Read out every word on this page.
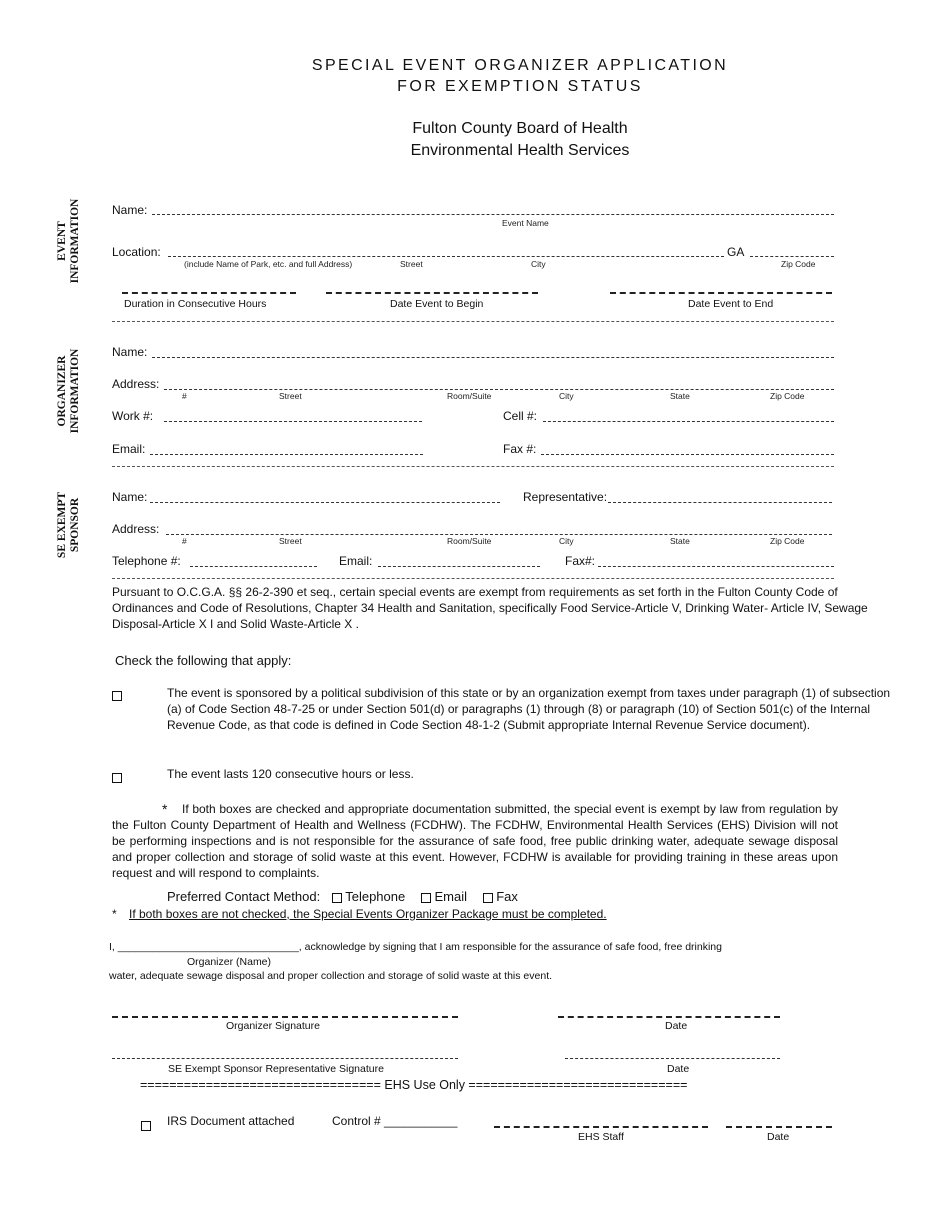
SPECIAL EVENT ORGANIZER APPLICATION
FOR EXEMPTION STATUS
Fulton County Board of Health
Environmental Health Services
EVENT INFORMATION
ORGANIZER INFORMATION
SE EXEMPT SPONSOR
Name:
Event Name
Location:	GA
(include Name of Park, etc. and full Address)	Street	City	Zip Code
Duration in Consecutive Hours	Date Event to Begin	Date Event to End
Name:
Address:
#	Street	Room/Suite	City	State	Zip Code
Work #:	Cell #:
Email:	Fax #:
Name:	Representative:
Address:
#	Street	Room/Suite	City	State	Zip Code
Telephone #:	Email:	Fax#:
Pursuant to O.C.G.A. §§ 26-2-390 et seq., certain special events are exempt from requirements as set forth in the Fulton County Code of Ordinances and Code of Resolutions, Chapter 34 Health and Sanitation, specifically Food Service-Article V, Drinking Water- Article IV, Sewage Disposal-Article X I and Solid Waste-Article X .
Check the following that apply:
The event is sponsored by a political subdivision of this state or by an organization exempt from taxes under paragraph (1) of subsection (a) of Code Section 48-7-25 or under Section 501(d) or paragraphs (1) through (8) or paragraph (10) of Section 501(c) of the Internal Revenue Code, as that code is defined in Code Section 48-1-2 (Submit appropriate Internal Revenue Service document).
The event lasts 120 consecutive hours or less.
*	If both boxes are checked and appropriate documentation submitted, the special event is exempt by law from regulation by the Fulton County Department of Health and Wellness (FCDHW). The FCDHW, Environmental Health Services (EHS) Division will not be performing inspections and is not responsible for the assurance of safe food, free public drinking water, adequate sewage disposal and proper collection and storage of solid waste at this event. However, FCDHW is available for providing training in these areas upon request and will respond to complaints.
Preferred Contact Method: Telephone Email Fax
* If both boxes are not checked, the Special Events Organizer Package must be completed.
I, _______________________________, acknowledge by signing that I am responsible for the assurance of safe food, free drinking
Organizer (Name)
water, adequate sewage disposal and proper collection and storage of solid waste at this event.
Organizer Signature	Date
SE Exempt Sponsor Representative Signature	Date
================================= EHS Use Only ==============================
IRS Document attached	Control # ___________
EHS Staff	Date
